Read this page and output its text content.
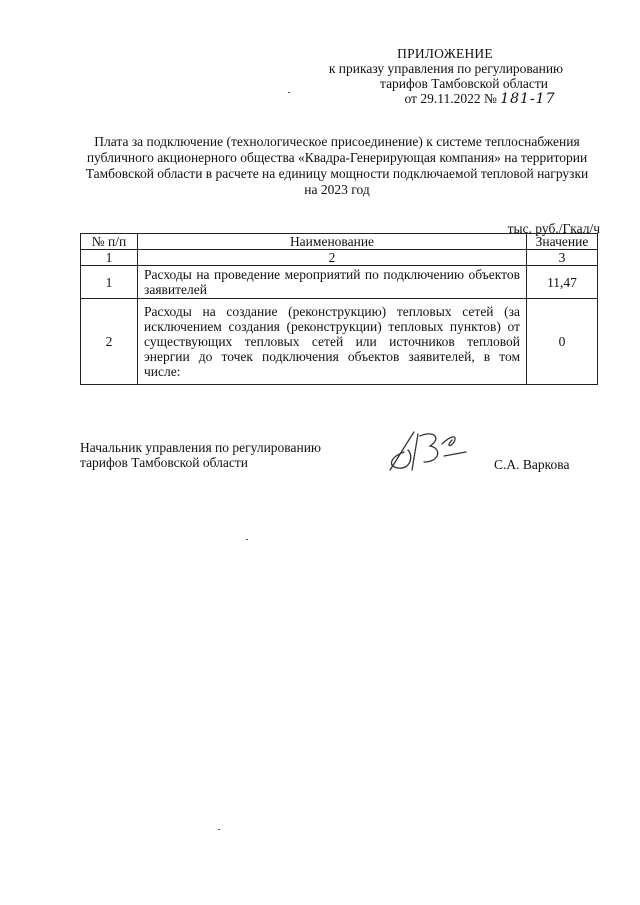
ПРИЛОЖЕНИЕ
к приказу управления по регулированию
тарифов Тамбовской области
от 29.11.2022 № 181-17
Плата за подключение (технологическое присоединение) к системе теплоснабжения публичного акционерного общества «Квадра-Генерирующая компания» на территории Тамбовской области в расчете на единицу мощности подключаемой тепловой нагрузки на 2023 год
тыс. руб./Гкал/ч
№ п/п	Наименование	Значение
1	2	3
1	Расходы на проведение мероприятий по подключению объектов заявителей	11,47
2	Расходы на создание (реконструкцию) тепловых сетей (за исключением создания (реконструкции) тепловых пунктов) от существующих тепловых сетей или источников тепловой энергии до точек подключения объектов заявителей, в том числе:	0
Начальник управления по регулированию
тарифов Тамбовской области	С.А. Варкова
